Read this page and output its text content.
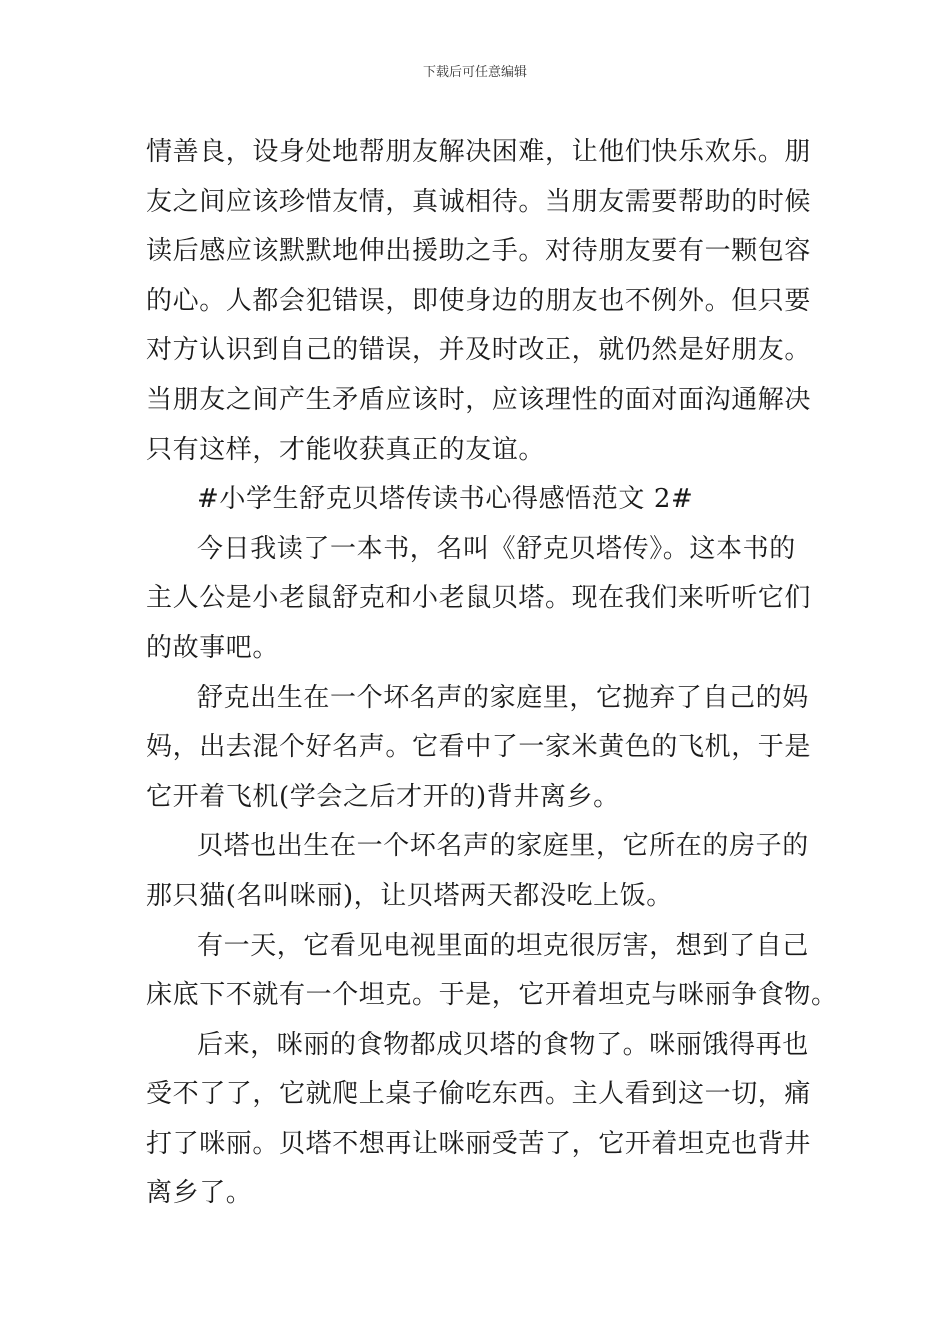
下载后可任意编辑
情善良，设身处地帮朋友解决困难，让他们快乐欢乐。朋
友之间应该珍惜友情，真诚相待。当朋友需要帮助的时候
读后感应该默默地伸出援助之手。对待朋友要有一颗包容
的心。人都会犯错误，即使身边的朋友也不例外。但只要
对方认识到自己的错误，并及时改正，就仍然是好朋友。
当朋友之间产生矛盾应该时，应该理性的面对面沟通解决
只有这样，才能收获真正的友谊。
#小学生舒克贝塔传读书心得感悟范文 2#
今日我读了一本书，名叫《舒克贝塔传》。这本书的
主人公是小老鼠舒克和小老鼠贝塔。现在我们来听听它们
的故事吧。
舒克出生在一个坏名声的家庭里，它抛弃了自己的妈
妈，出去混个好名声。它看中了一家米黄色的飞机，于是
它开着飞机(学会之后才开的)背井离乡。
贝塔也出生在一个坏名声的家庭里，它所在的房子的
那只猫(名叫咪丽)，让贝塔两天都没吃上饭。
有一天，它看见电视里面的坦克很厉害，想到了自己
床底下不就有一个坦克。于是，它开着坦克与咪丽争食物。
后来，咪丽的食物都成贝塔的食物了。咪丽饿得再也
受不了了，它就爬上桌子偷吃东西。主人看到这一切，痛
打了咪丽。贝塔不想再让咪丽受苦了，它开着坦克也背井
离乡了。
